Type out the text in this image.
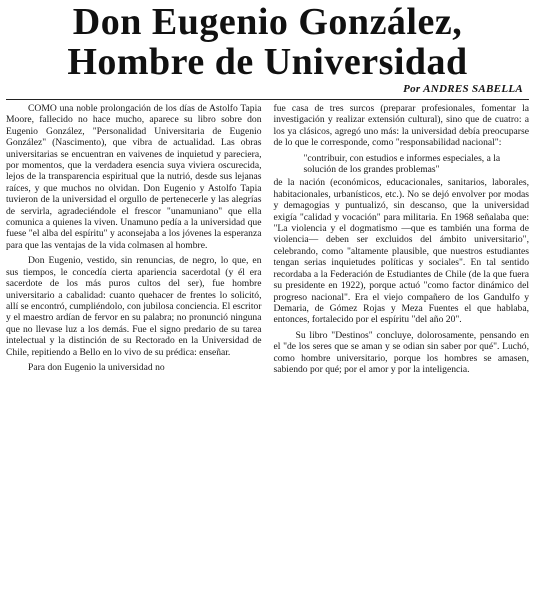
Don Eugenio González,
Hombre de Universidad
Por ANDRES SABELLA

COMO una noble prolongación de los días de Astolfo Tapia Moore, fallecido no hace mucho, aparece su libro sobre don Eugenio González, "Personalidad Universitaria de Eugenio González" (Nascimento), que vibra de actualidad. Las obras universitarias se encuentran en vaivenes de inquietud y pareciera, por momentos, que la verdadera esencia suya viviera oscurecida, lejos de la transparencia espiritual que la nutrió, desde sus lejanas raíces, y que muchos no olvidan. Don Eugenio y Astolfo Tapia tuvieron de la universidad el orgullo de pertenecerle y las alegrías de servirla, agradeciéndole el frescor "unamuniano" que ella comunica a quienes la viven. Unamuno pedía a la universidad que fuese "el alba del espíritu" y aconsejaba a los jóvenes la esperanza para que las ventajas de la vida colmasen al hombre.

Don Eugenio, vestido, sin renuncias, de negro, lo que, en sus tiempos, le concedía cierta apariencia sacerdotal (y él era sacerdote de los más puros cultos del ser), fue hombre universitario a cabalidad: cuanto quehacer de frentes lo solicitó, allí se encontró, cumpliéndolo, con jubilosa conciencia. El escritor y el maestro ardían de fervor en su palabra; no pronunció ninguna que no llevase luz a los demás. Fue el signo predario de su tarea intelectual y la distinción de su Rectorado en la Universidad de Chile, repitiendo a Bello en lo vivo de su prédica: enseñar.

Para don Eugenio la universidad no

fue casa de tres surcos (preparar profesionales, fomentar la investigación y realizar extensión cultural), sino que de cuatro: a los ya clásicos, agregó uno más: la universidad debía preocuparse de lo que le corresponde, como "responsabilidad nacional":

"contribuir, con estudios e informes especiales, a la solución de los grandes problemas"

de la nación (económicos, educacionales, sanitarios, laborales, habitacionales, urbanísticos, etc.). No se dejó envolver por modas y demagogias y puntualizó, sin descanso, que la universidad exigía "calidad y vocación" para militaria. En 1968 señalaba que: "La violencia y el dogmatismo —que es también una forma de violencia— deben ser excluidos del ámbito universitario", celebrando, como "altamente plausible, que nuestros estudiantes tengan serias inquietudes políticas y sociales". En tal sentido recordaba a la Federación de Estudiantes de Chile (de la que fuera su presidente en 1922), porque actuó "como factor dinámico del progreso nacional". Era el viejo compañero de los Gandulfo y Demaria, de Gómez Rojas y Meza Fuentes el que hablaba, entonces, fortalecido por el espíritu "del año 20".

Su libro "Destinos" concluye, dolorosamente, pensando en el "de los seres que se aman y se odian sin saber por qué". Luchó, como hombre universitario, porque los hombres se amasen, sabiendo por qué; por el amor y por la inteligencia.
